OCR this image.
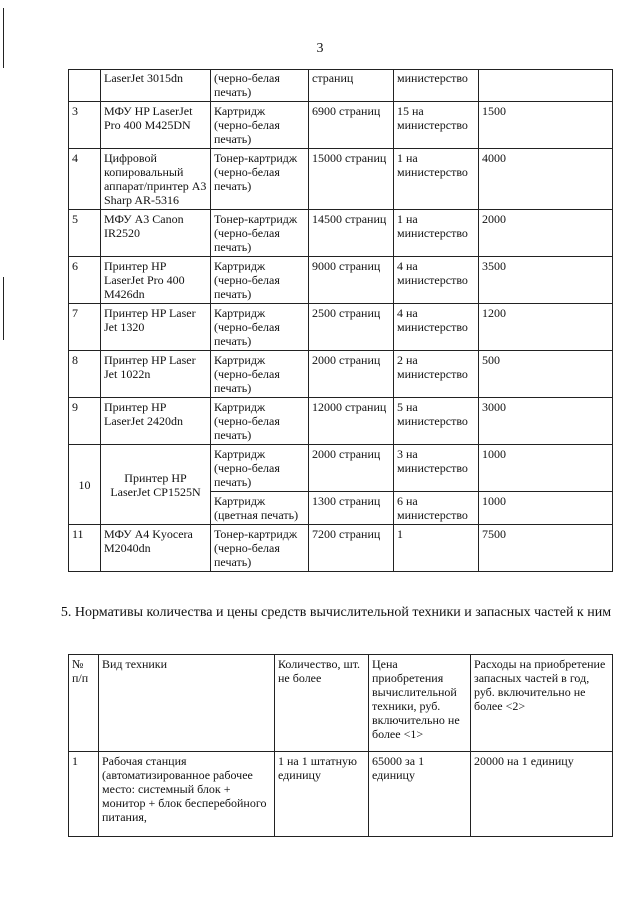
3
	LaserJet 3015dn	(черно-белая печать)	страниц	министерство	
3	МФУ HP LaserJet Pro 400 M425DN	Картридж (черно-белая печать)	6900 страниц	15 на министерство	1500
4	Цифровой копировальный аппарат/принтер A3 Sharp AR-5316	Тонер-картридж (черно-белая печать)	15000 страниц	1 на министерство	4000
5	МФУ А3 Canon IR2520	Тонер-картридж (черно-белая печать)	14500 страниц	1 на министерство	2000
6	Принтер HP LaserJet Pro 400 M426dn	Картридж (черно-белая печать)	9000 страниц	4 на министерство	3500
7	Принтер HP Laser Jet 1320	Картридж (черно-белая печать)	2500 страниц	4 на министерство	1200
8	Принтер HP Laser Jet 1022n	Картридж (черно-белая печать)	2000 страниц	2 на министерство	500
9	Принтер HP LaserJet 2420dn	Картридж (черно-белая печать)	12000 страниц	5 на министерство	3000
10	Принтер HP LaserJet CP1525N	Картридж (черно-белая печать)	2000 страниц	3 на министерство	1000
		Картридж (цветная печать)	1300 страниц	6 на министерство	1000
11	МФУ А4 Kyocera M2040dn	Тонер-картридж (черно-белая печать)	7200 страниц	1	7500
5. Нормативы количества и цены средств вычислительной техники и запасных частей к ним
№ п/п	Вид техники	Количество, шт. не более	Цена приобретения вычислительной техники, руб. включительно не более <1>	Расходы на приобретение запасных частей в год, руб. включительно не более <2>
1	Рабочая станция (автоматизированное рабочее место: системный блок + монитор + блок бесперебойного питания,	1 на 1 штатную единицу	65000 за 1 единицу	20000 на 1 единицу
